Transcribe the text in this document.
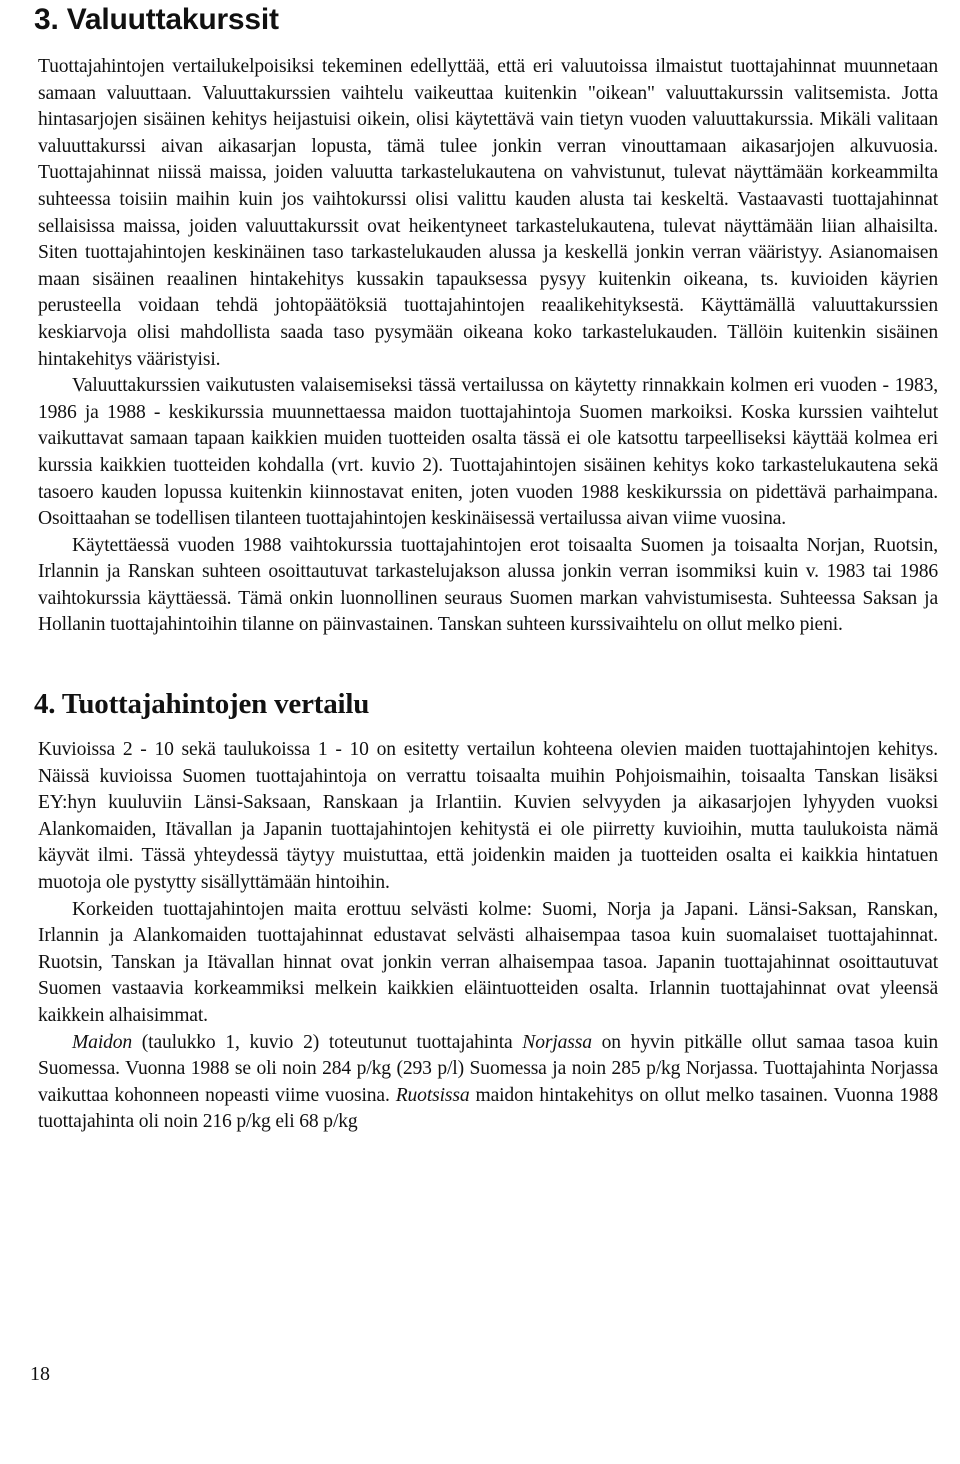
3. Valuuttakurssit

Tuottajahintojen vertailukelpoisiksi tekeminen edellyttää, että eri valuutoissa ilmaistut tuottajahinnat muunnetaan samaan valuuttaan. Valuuttakurssien vaihtelu vaikeuttaa kuitenkin "oikean" valuuttakurssin valitsemista. Jotta hintasarjojen sisäinen kehitys heijastuisi oikein, olisi käytettävä vain tietyn vuoden valuuttakurssia. Mikäli valitaan valuuttakurssi aivan aikasarjan lopusta, tämä tulee jonkin verran vinouttamaan aikasarjojen alkuvuosia. Tuottajahinnat niissä maissa, joiden valuutta tarkastelukautena on vahvistunut, tulevat näyttämään korkeammilta suhteessa toisiin maihin kuin jos vaihtokurssi olisi valittu kauden alusta tai keskeltä. Vastaavasti tuottajahinnat sellaisissa maissa, joiden valuuttakurssit ovat heikentyneet tarkastelukautena, tulevat näyttämään liian alhaisilta. Siten tuottajahintojen keskinäinen taso tarkastelukauden alussa ja keskellä jonkin verran vääristyy. Asianomaisen maan sisäinen reaalinen hintakehitys kussakin tapauksessa pysyy kuitenkin oikeana, ts. kuvioiden käyrien perusteella voidaan tehdä johtopäätöksiä tuottajahintojen reaalikehityksestä. Käyttämällä valuuttakurssien keskiarvoja olisi mahdollista saada taso pysymään oikeana koko tarkastelukauden. Tällöin kuitenkin sisäinen hintakehitys vääristyisi.

Valuuttakurssien vaikutusten valaisemiseksi tässä vertailussa on käytetty rinnakkain kolmen eri vuoden - 1983, 1986 ja 1988 - keskikurssia muunnettaessa maidon tuottajahintoja Suomen markoiksi. Koska kurssien vaihtelut vaikuttavat samaan tapaan kaikkien muiden tuotteiden osalta tässä ei ole katsottu tarpeelliseksi käyttää kolmea eri kurssia kaikkien tuotteiden kohdalla (vrt. kuvio 2). Tuottajahintojen sisäinen kehitys koko tarkastelukautena sekä tasoero kauden lopussa kuitenkin kiinnostavat eniten, joten vuoden 1988 keskikurssia on pidettävä parhaimpana. Osoittaahan se todellisen tilanteen tuottajahintojen keskinäisessä vertailussa aivan viime vuosina.

Käytettäessä vuoden 1988 vaihtokurssia tuottajahintojen erot toisaalta Suomen ja toisaalta Norjan, Ruotsin, Irlannin ja Ranskan suhteen osoittautuvat tarkastelujakson alussa jonkin verran isommiksi kuin v. 1983 tai 1986 vaihtokurssia käyttäessä. Tämä onkin luonnollinen seuraus Suomen markan vahvistumisesta. Suhteessa Saksan ja Hollanin tuottajahintoihin tilanne on päinvastainen. Tanskan suhteen kurssivaihtelu on ollut melko pieni.

4. Tuottajahintojen vertailu

Kuvioissa 2 - 10 sekä taulukoissa 1 - 10 on esitetty vertailun kohteena olevien maiden tuottajahintojen kehitys. Näissä kuvioissa Suomen tuottajahintoja on verrattu toisaalta muihin Pohjoismaihin, toisaalta Tanskan lisäksi EY:hyn kuuluviin Länsi-Saksaan, Ranskaan ja Irlantiin. Kuvien selvyyden ja aikasarjojen lyhyyden vuoksi Alankomaiden, Itävallan ja Japanin tuottajahintojen kehitystä ei ole piirretty kuvioihin, mutta taulukoista nämä käyvät ilmi. Tässä yhteydessä täytyy muistuttaa, että joidenkin maiden ja tuotteiden osalta ei kaikkia hintatuen muotoja ole pystytty sisällyttämään hintoihin.

Korkeiden tuottajahintojen maita erottuu selvästi kolme: Suomi, Norja ja Japani. Länsi-Saksan, Ranskan, Irlannin ja Alankomaiden tuottajahinnat edustavat selvästi alhaisempaa tasoa kuin suomalaiset tuottajahinnat. Ruotsin, Tanskan ja Itävallan hinnat ovat jonkin verran alhaisempaa tasoa. Japanin tuottajahinnat osoittautuvat Suomen vastaavia korkeammiksi melkein kaikkien eläintuotteiden osalta. Irlannin tuottajahinnat ovat yleensä kaikkein alhaisimmat.

Maidon (taulukko 1, kuvio 2) toteutunut tuottajahinta Norjassa on hyvin pitkälle ollut samaa tasoa kuin Suomessa. Vuonna 1988 se oli noin 284 p/kg (293 p/l) Suomessa ja noin 285 p/kg Norjassa. Tuottajahinta Norjassa vaikuttaa kohonneen nopeasti viime vuosina. Ruotsissa maidon hintakehitys on ollut melko tasainen. Vuonna 1988 tuottajahinta oli noin 216 p/kg eli 68 p/kg

18
